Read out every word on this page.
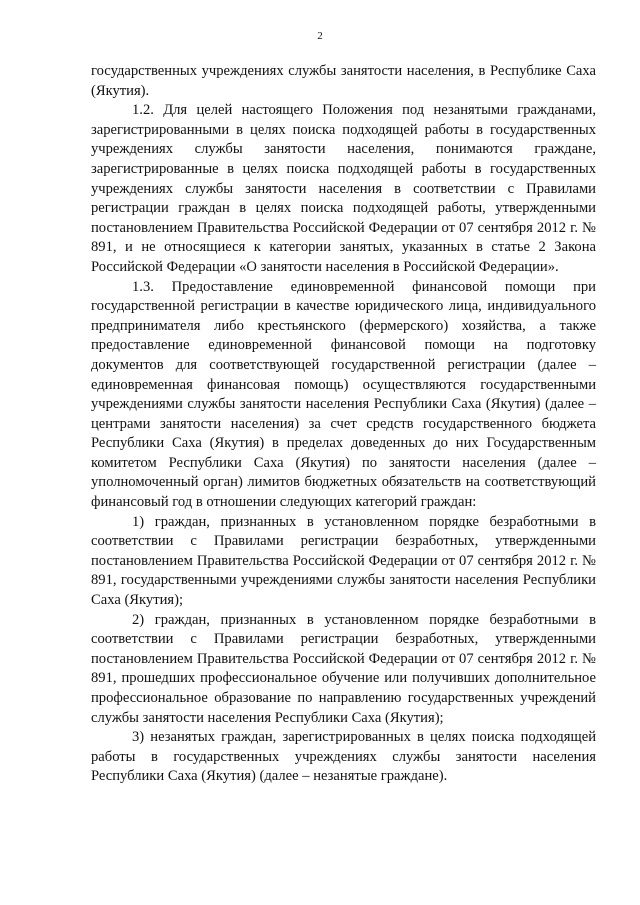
2

государственных учреждениях службы занятости населения, в Республике Саха (Якутия).

1.2. Для целей настоящего Положения под незанятыми гражданами, зарегистрированными в целях поиска подходящей работы в государственных учреждениях службы занятости населения, понимаются граждане, зарегистрированные в целях поиска подходящей работы в государственных учреждениях службы занятости населения в соответствии с Правилами регистрации граждан в целях поиска подходящей работы, утвержденными постановлением Правительства Российской Федерации от 07 сентября 2012 г. № 891, и не относящиеся к категории занятых, указанных в статье 2 Закона Российской Федерации «О занятости населения в Российской Федерации».

1.3. Предоставление единовременной финансовой помощи при государственной регистрации в качестве юридического лица, индивидуального предпринимателя либо крестьянского (фермерского) хозяйства, а также предоставление единовременной финансовой помощи на подготовку документов для соответствующей государственной регистрации (далее – единовременная финансовая помощь) осуществляются государственными учреждениями службы занятости населения Республики Саха (Якутия) (далее – центрами занятости населения) за счет средств государственного бюджета Республики Саха (Якутия) в пределах доведенных до них Государственным комитетом Республики Саха (Якутия) по занятости населения (далее – уполномоченный орган) лимитов бюджетных обязательств на соответствующий финансовый год в отношении следующих категорий граждан:

1) граждан, признанных в установленном порядке безработными в соответствии с Правилами регистрации безработных, утвержденными постановлением Правительства Российской Федерации от 07 сентября 2012 г. № 891, государственными учреждениями службы занятости населения Республики Саха (Якутия);

2) граждан, признанных в установленном порядке безработными в соответствии с Правилами регистрации безработных, утвержденными постановлением Правительства Российской Федерации от 07 сентября 2012 г. № 891, прошедших профессиональное обучение или получивших дополнительное профессиональное образование по направлению государственных учреждений службы занятости населения Республики Саха (Якутия);

3) незанятых граждан, зарегистрированных в целях поиска подходящей работы в государственных учреждениях службы занятости населения Республики Саха (Якутия) (далее – незанятые граждане).
